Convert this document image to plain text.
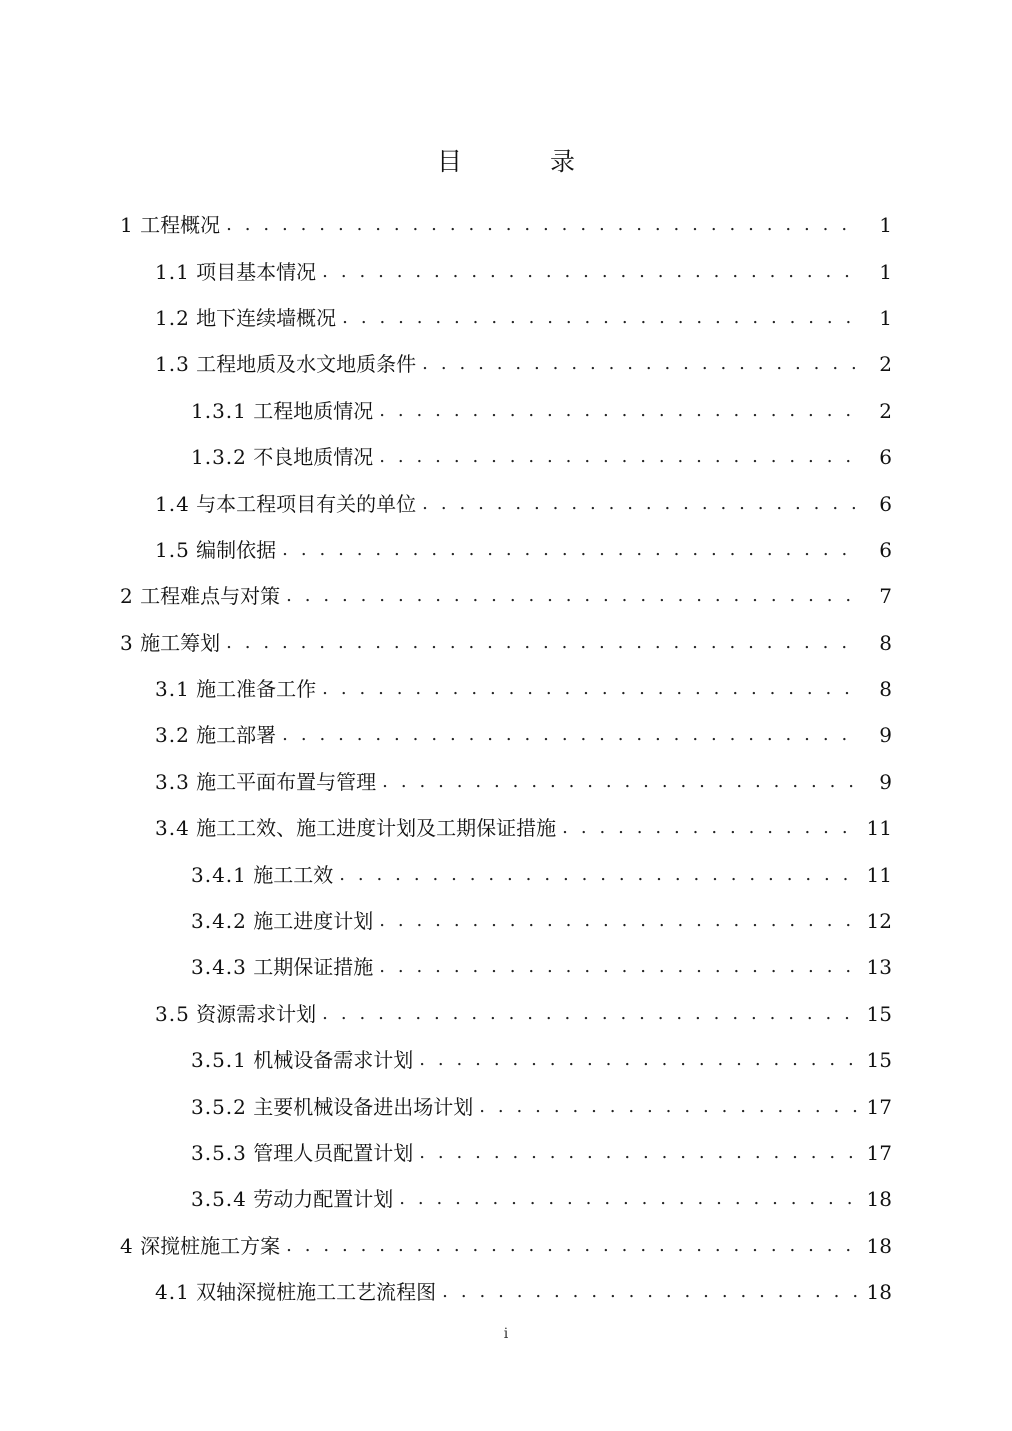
目 录
1 工程概况 . . .	1
1.1 项目基本情况 . . .	1
1.2 地下连续墙概况 . . .	1
1.3 工程地质及水文地质条件 . . .	2
1.3.1 工程地质情况 . . .	2
1.3.2 不良地质情况 . . .	6
1.4 与本工程项目有关的单位 . . .	6
1.5 编制依据 . . .	6
2 工程难点与对策 . . .	7
3 施工筹划 . . .	8
3.1 施工准备工作 . . .	8
3.2 施工部署 . . .	9
3.3 施工平面布置与管理 . . .	9
3.4 施工工效、施工进度计划及工期保证措施 . . .	11
3.4.1 施工工效 . . .	11
3.4.2 施工进度计划 . . .	12
3.4.3 工期保证措施 . . .	13
3.5 资源需求计划 . . .	15
3.5.1 机械设备需求计划 . . .	15
3.5.2 主要机械设备进出场计划 . . .	17
3.5.3 管理人员配置计划 . . .	17
3.5.4 劳动力配置计划 . . .	18
4 深搅桩施工方案 . . .	18
4.1 双轴深搅桩施工工艺流程图 . . .	18
i
